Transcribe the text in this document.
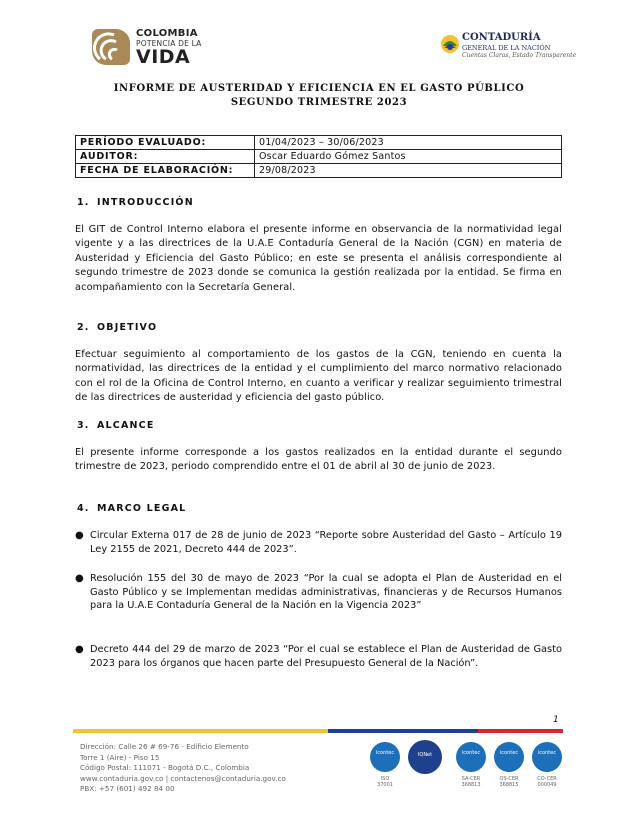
COLOMBIA
POTENCIA DE LA
VIDA
CONTADURÍA
GENERAL DE LA NACIÓN
Cuentas Claras, Estado Transparente
INFORME DE AUSTERIDAD Y EFICIENCIA EN EL GASTO PÚBLICO
SEGUNDO TRIMESTRE 2023
PERÍODO EVALUADO:	01/04/2023 – 30/06/2023
AUDITOR:	Oscar Eduardo Gómez Santos
FECHA DE ELABORACIÓN:	29/08/2023
1. INTRODUCCIÓN
El GIT de Control Interno elabora el presente informe en observancia de la normatividad legal vigente y a las directrices de la U.A.E Contaduría General de la Nación (CGN) en materia de Austeridad y Eficiencia del Gasto Público; en este se presenta el análisis correspondiente al segundo trimestre de 2023 donde se comunica la gestión realizada por la entidad. Se firma en acompañamiento con la Secretaría General.
2. OBJETIVO
Efectuar seguimiento al comportamiento de los gastos de la CGN, teniendo en cuenta la normatividad, las directrices de la entidad y el cumplimiento del marco normativo relacionado con el rol de la Oficina de Control Interno, en cuanto a verificar y realizar seguimiento trimestral de las directrices de austeridad y eficiencia del gasto público.
3. ALCANCE
El presente informe corresponde a los gastos realizados en la entidad durante el segundo trimestre de 2023, periodo comprendido entre el 01 de abril al 30 de junio de 2023.
4. MARCO LEGAL
● Circular Externa 017 de 28 de junio de 2023 “Reporte sobre Austeridad del Gasto – Artículo 19 Ley 2155 de 2021, Decreto 444 de 2023”.
● Resolución 155 del 30 de mayo de 2023 “Por la cual se adopta el Plan de Austeridad en el Gasto Público y se Implementan medidas administrativas, financieras y de Recursos Humanos para la U.A.E Contaduría General de la Nación en la Vigencia 2023”
● Decreto 444 del 29 de marzo de 2023 “Por el cual se establece el Plan de Austeridad de Gasto 2023 para los órganos que hacen parte del Presupuesto General de la Nación”.
1
Dirección: Calle 26 # 69-76 - Edificio Elemento
Torre 1 (Aire) - Piso 15
Código Postal: 111071 - Bogotá D.C., Colombia
www.contaduria.gov.co | contactenos@contaduria.gov.co
PBX: +57 (601) 492 84 00
icontec
ISO
37001
IQNet	icontec
SA-CER
368813
icontec
OS-CER
368815
icontec
CO-CER
000049
